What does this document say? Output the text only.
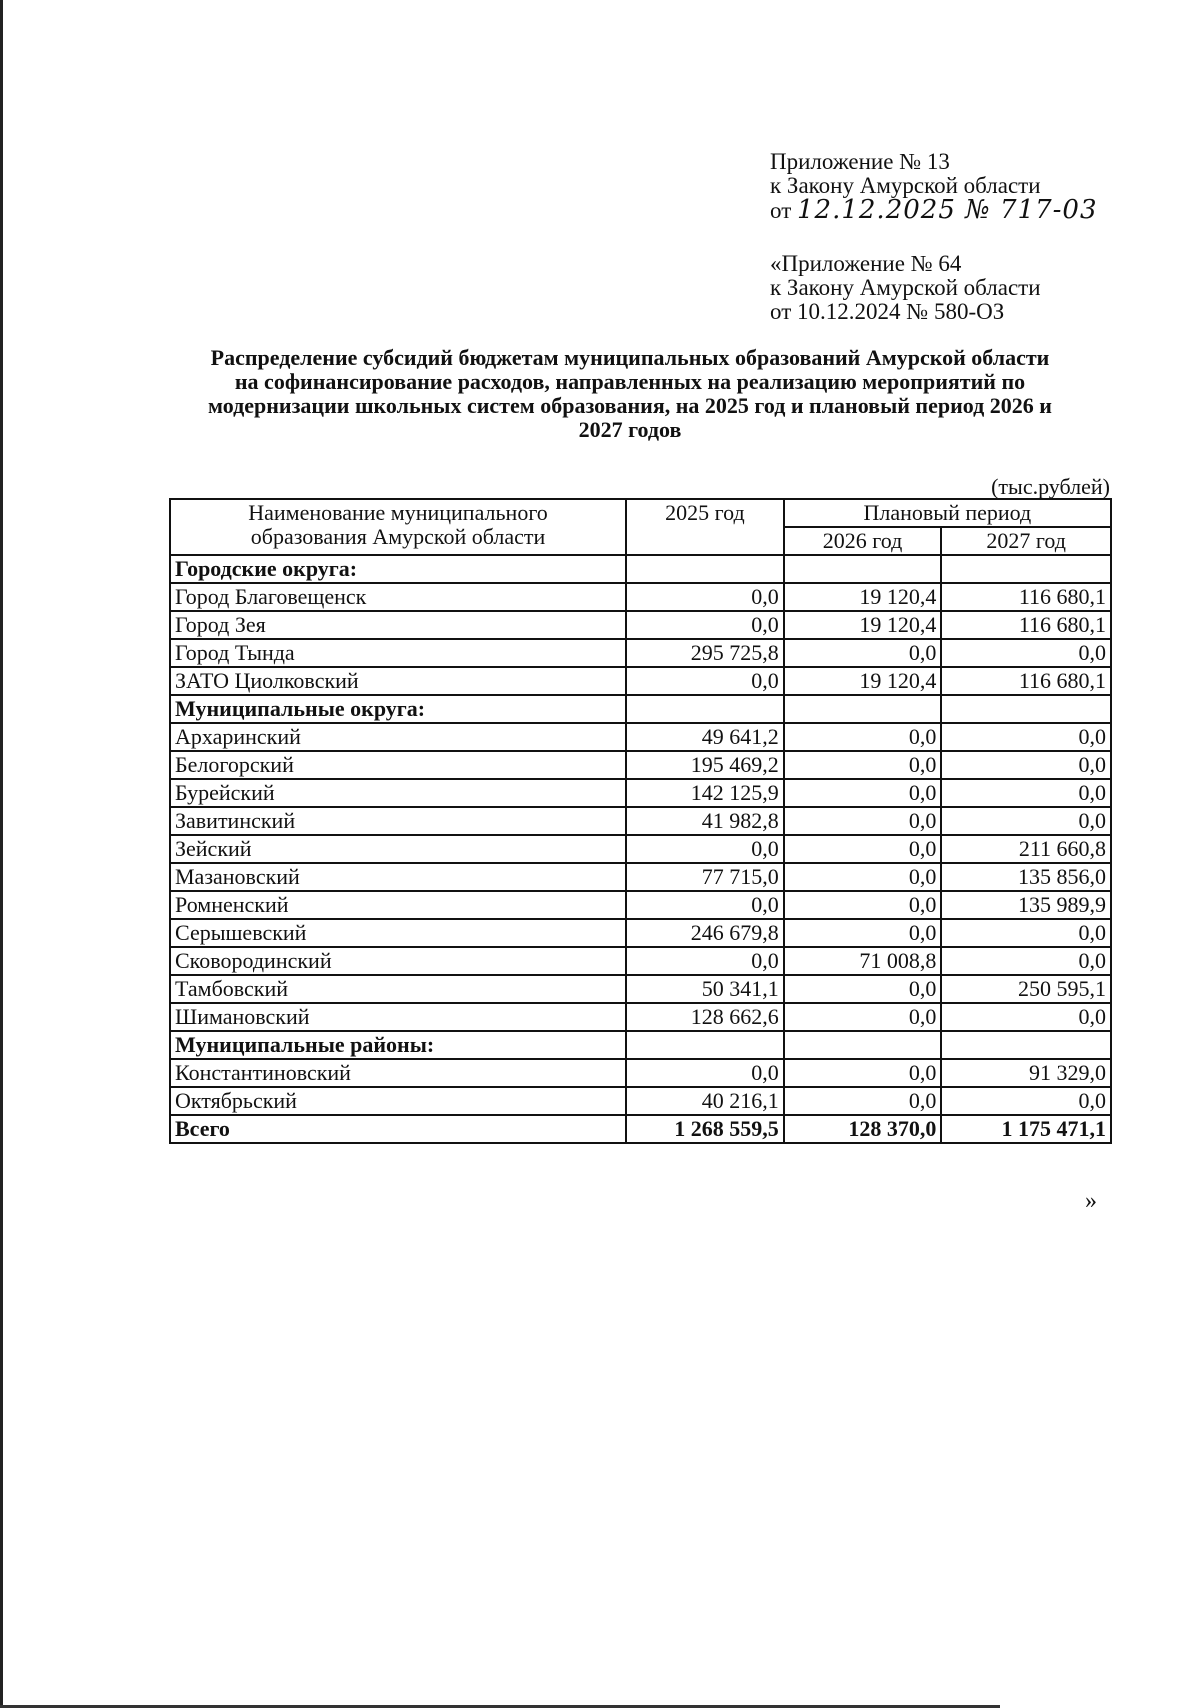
Приложение № 13
к Закону Амурской области
от 12.12.2025 № 717-03
«Приложение № 64
к Закону Амурской области
от 10.12.2024 № 580-ОЗ
Распределение субсидий бюджетам муниципальных образований Амурской области
на софинансирование расходов, направленных на реализацию мероприятий по
модернизации школьных систем образования, на 2025 год и плановый период 2026 и
2027 годов
(тыс.рублей)
Наименование муниципального
образования Амурской области	2025 год	Плановый период	
		2026 год	2027 год
Городские округа:			
Город Благовещенск	0,0	19 120,4	116 680,1
Город Зея	0,0	19 120,4	116 680,1
Город Тында	295 725,8	0,0	0,0
ЗАТО Циолковский	0,0	19 120,4	116 680,1
Муниципальные округа:			
Архаринский	49 641,2	0,0	0,0
Белогорский	195 469,2	0,0	0,0
Бурейский	142 125,9	0,0	0,0
Завитинский	41 982,8	0,0	0,0
Зейский	0,0	0,0	211 660,8
Мазановский	77 715,0	0,0	135 856,0
Ромненский	0,0	0,0	135 989,9
Серышевский	246 679,8	0,0	0,0
Сковородинский	0,0	71 008,8	0,0
Тамбовский	50 341,1	0,0	250 595,1
Шимановский	128 662,6	0,0	0,0
Муниципальные районы:			
Константиновский	0,0	0,0	91 329,0
Октябрьский	40 216,1	0,0	0,0
Всего	1 268 559,5	128 370,0	1 175 471,1
»
